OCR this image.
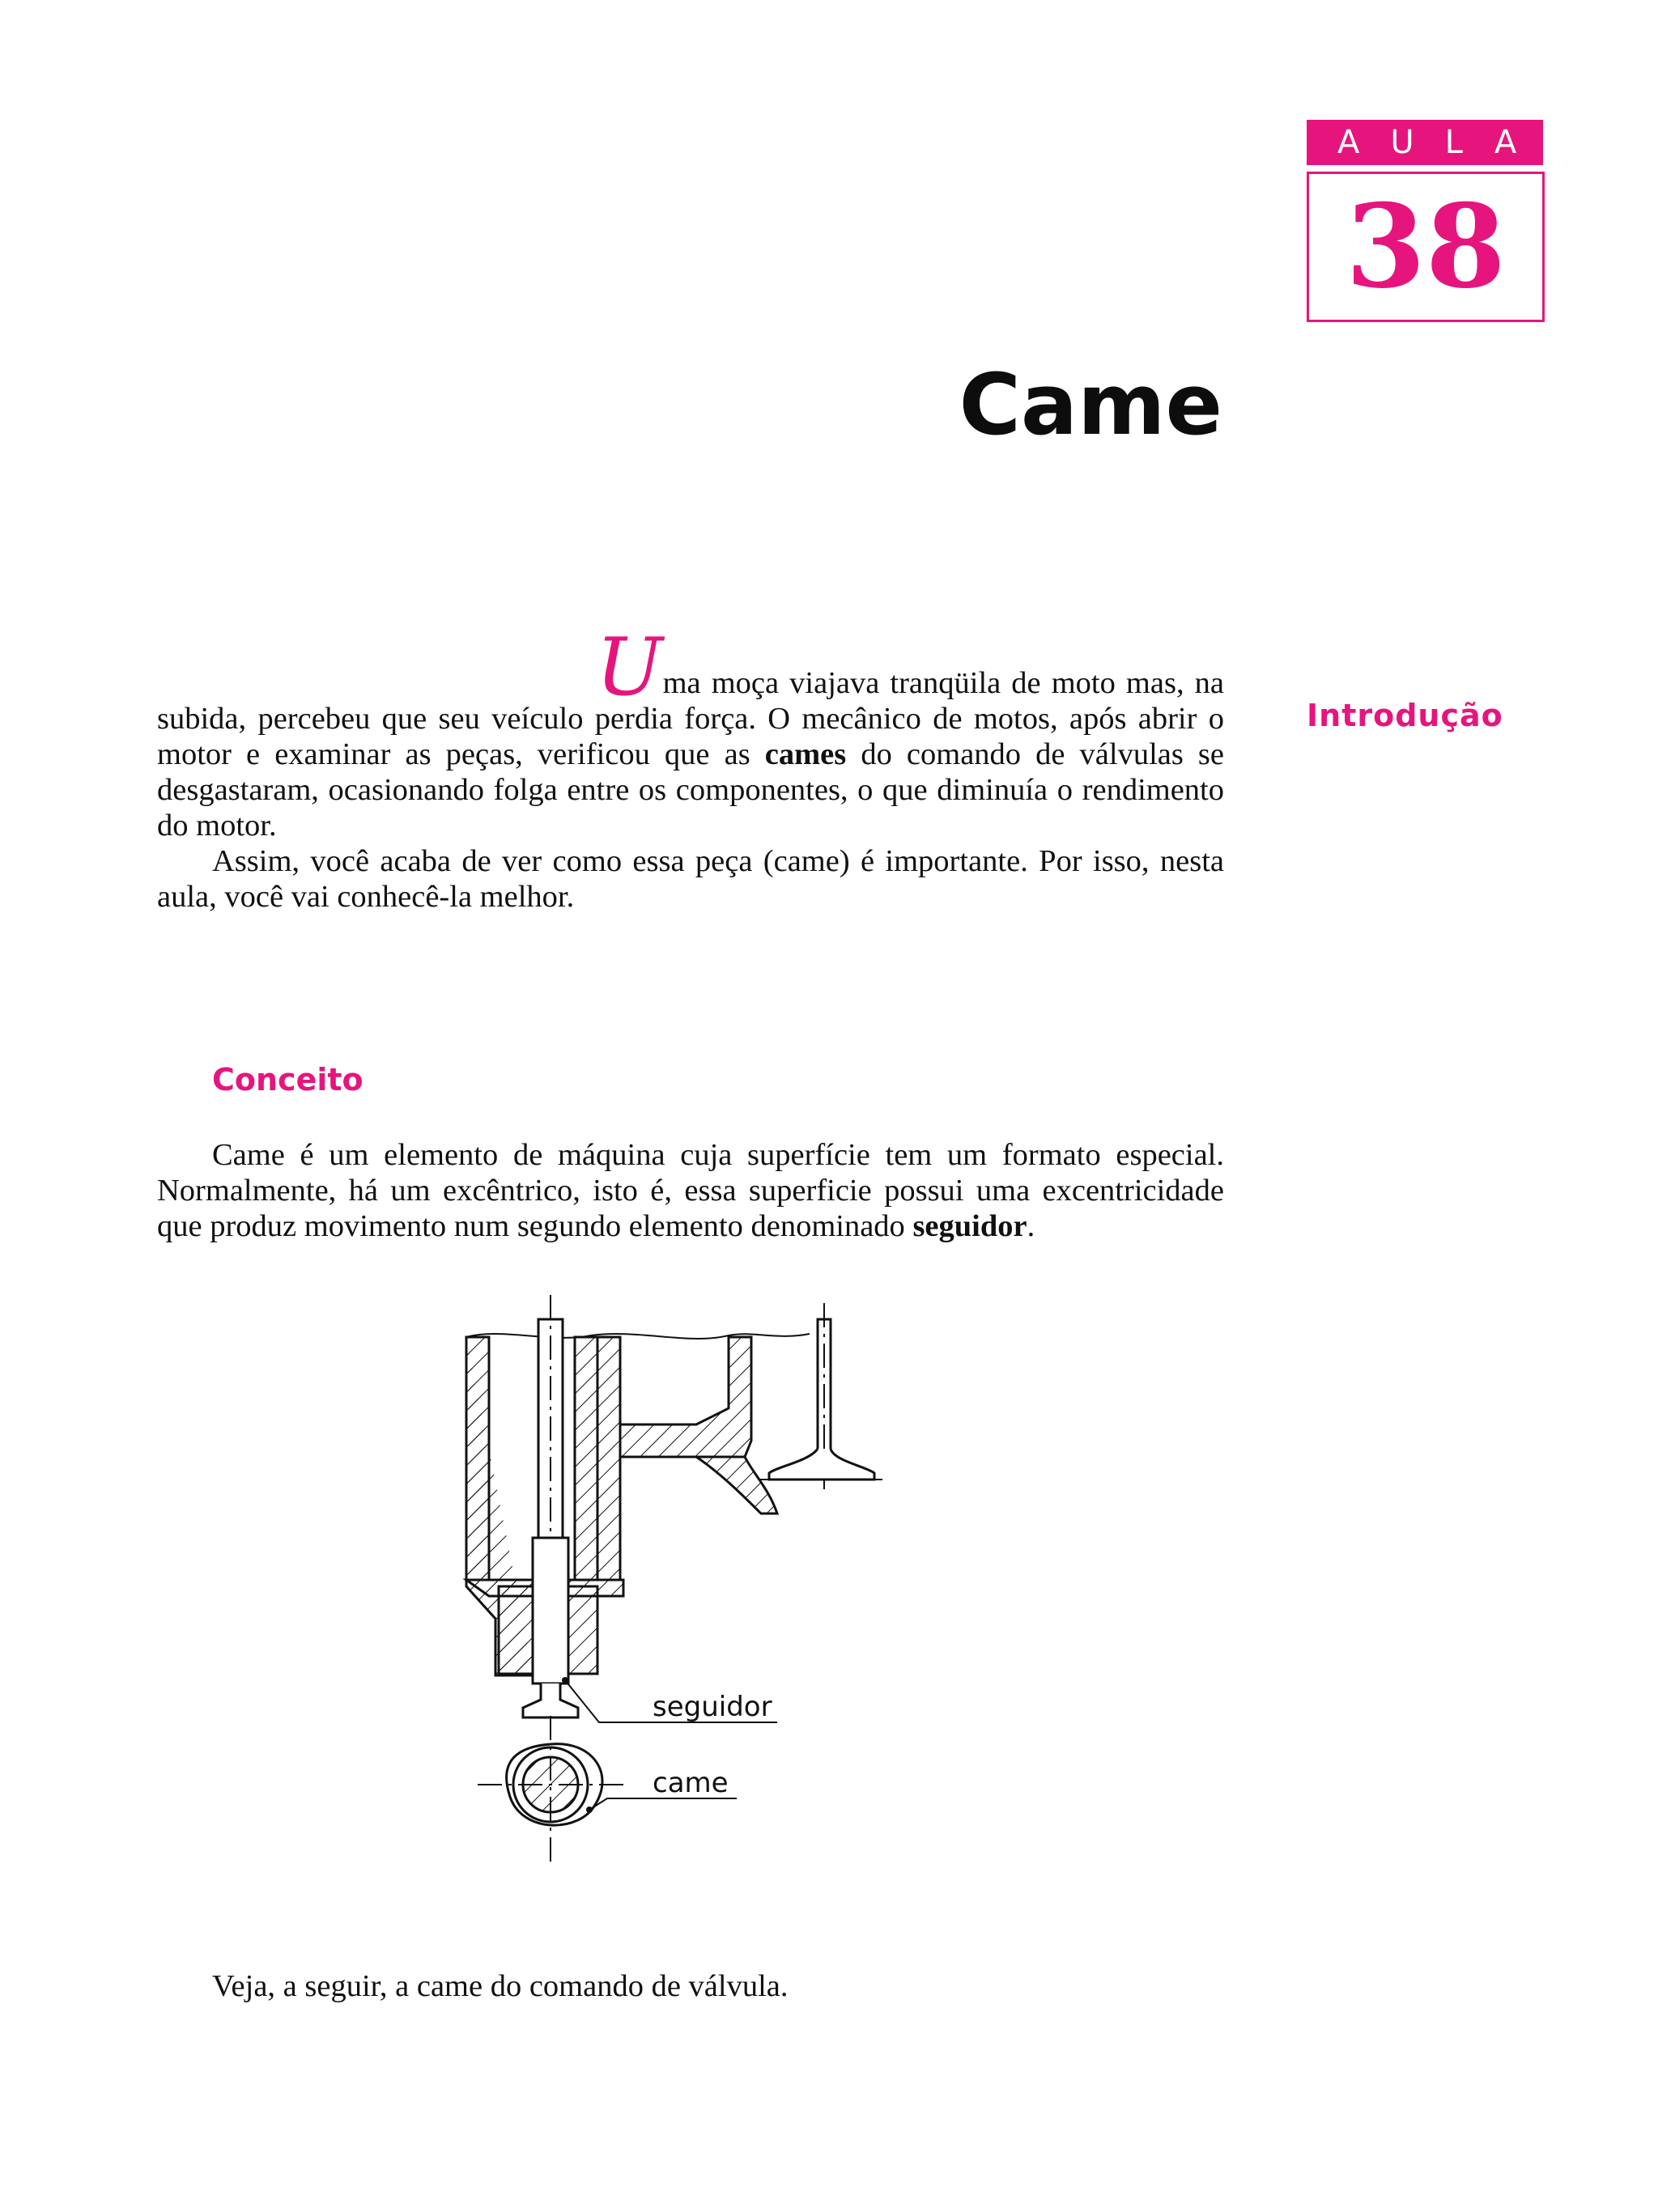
AULA
38
Came
Introdução

Uma moça viajava tranqüila de moto mas, na subida, percebeu que seu veículo perdia força. O mecânico de motos, após abrir o motor e examinar as peças, verificou que as cames do comando de válvulas se desgastaram, ocasionando folga entre os componentes, o que diminuía o rendimento do motor.

Assim, você acaba de ver como essa peça (came) é importante. Por isso, nesta aula, você vai conhecê-la melhor.

Conceito

Came é um elemento de máquina cuja superfície tem um formato especial. Normalmente, há um excêntrico, isto é, essa superficie possui uma excentricidade que produz movimento num segundo elemento denominado seguidor.

seguidor
came

Veja, a seguir, a came do comando de válvula.
